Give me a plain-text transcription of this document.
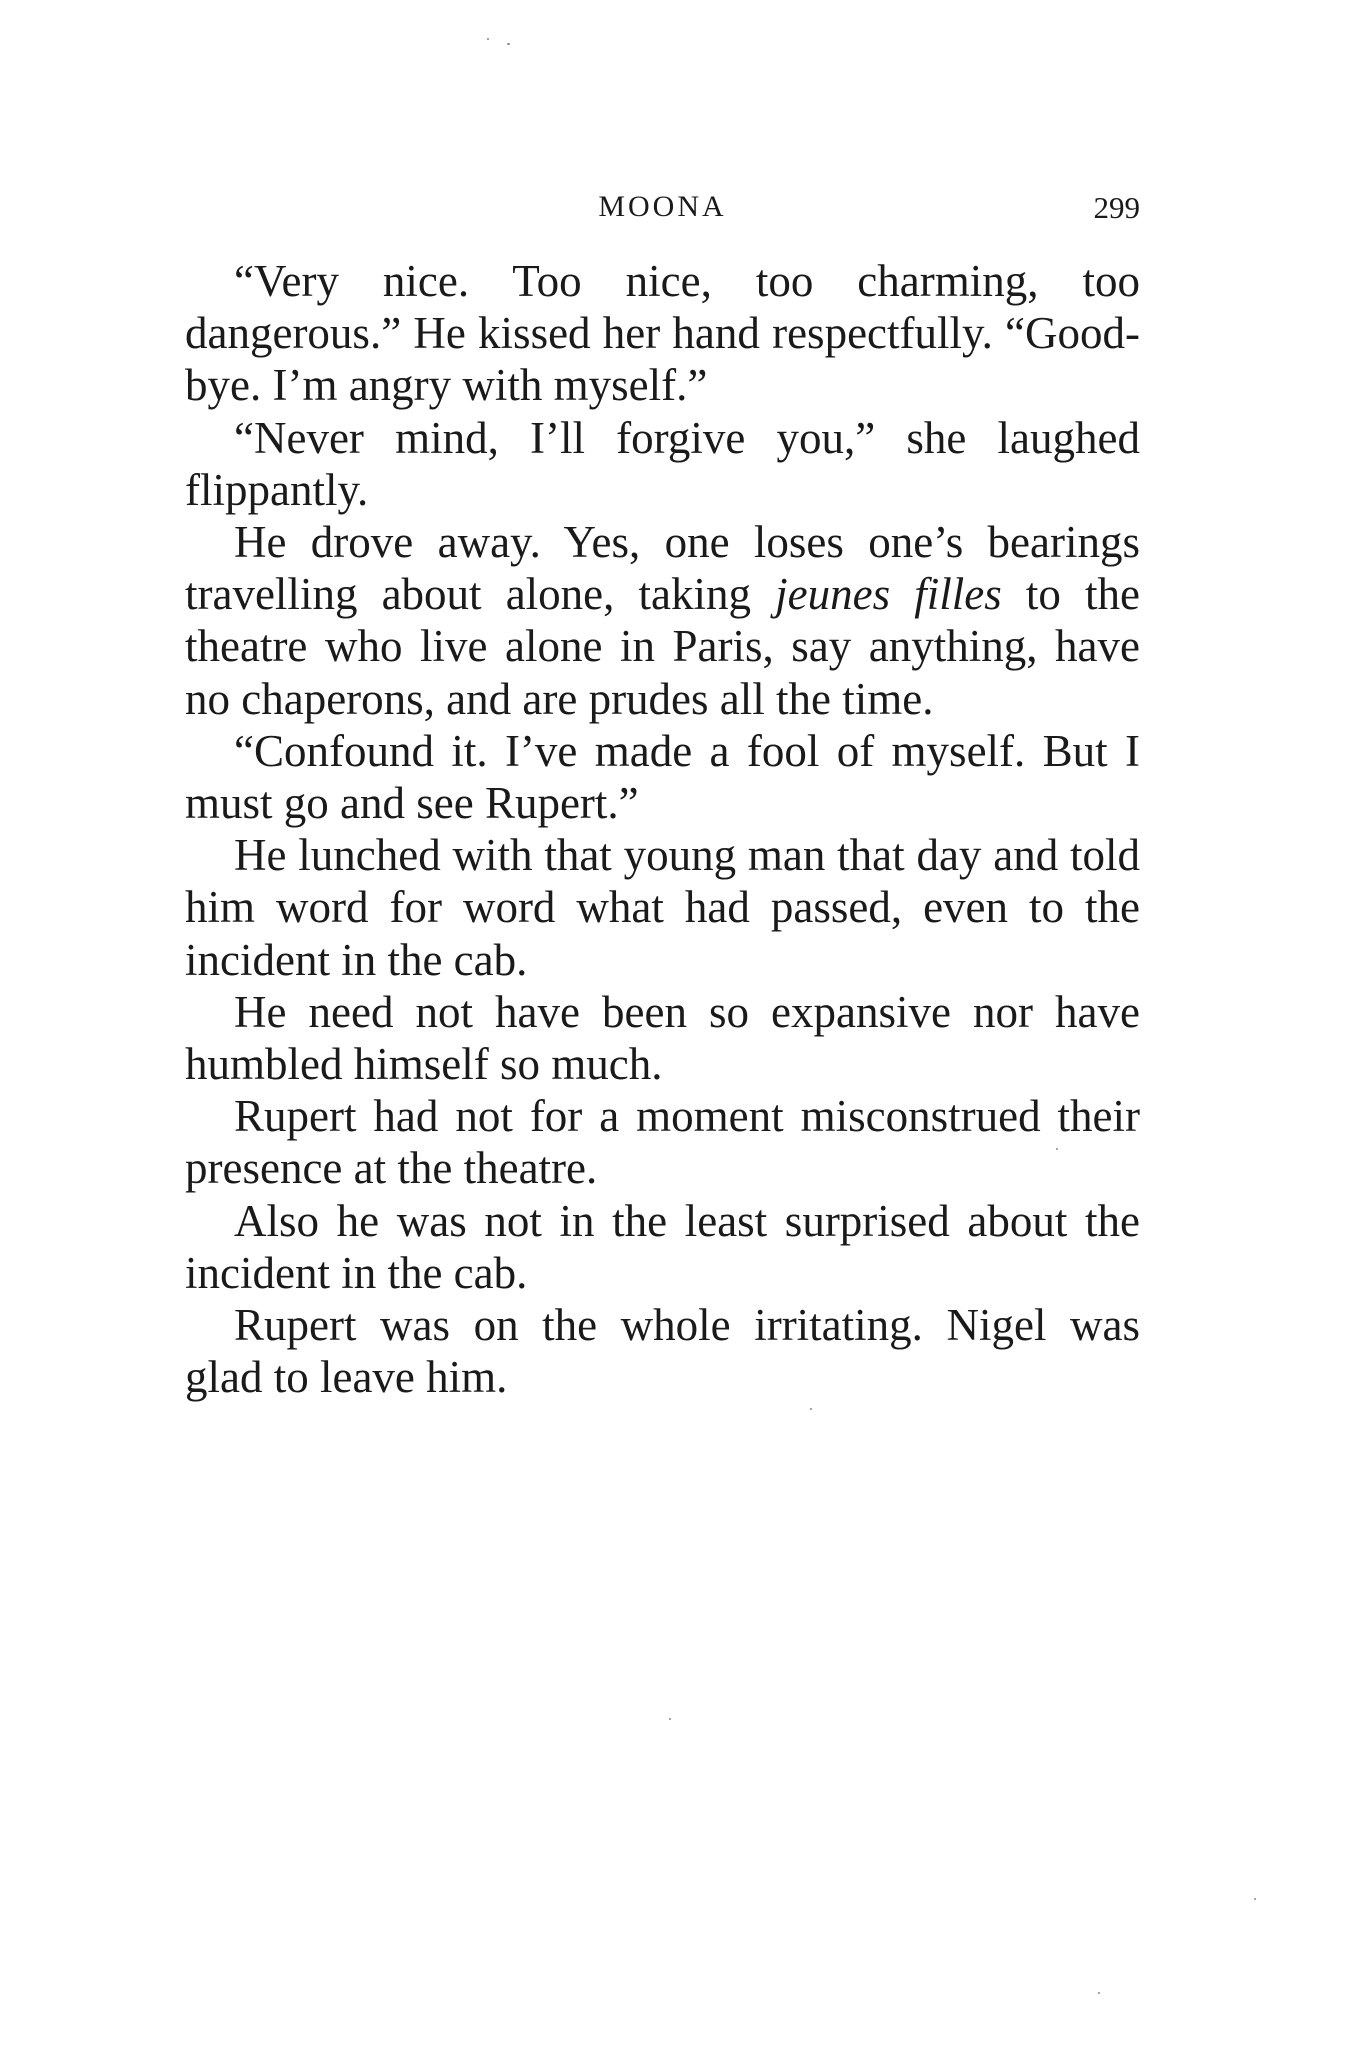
MOONA	299

“Very nice. Too nice, too charming, too dangerous.” He kissed her hand respectfully. “Good-bye. I’m angry with myself.”

“Never mind, I’ll forgive you,” she laughed flippantly.

He drove away. Yes, one loses one’s bearings travelling about alone, taking jeunes filles to the theatre who live alone in Paris, say anything, have no chaperons, and are prudes all the time.

“Confound it. I’ve made a fool of myself. But I must go and see Rupert.”

He lunched with that young man that day and told him word for word what had passed, even to the incident in the cab.

He need not have been so expansive nor have humbled himself so much.

Rupert had not for a moment misconstrued their presence at the theatre.

Also he was not in the least surprised about the incident in the cab.

Rupert was on the whole irritating. Nigel was glad to leave him.
